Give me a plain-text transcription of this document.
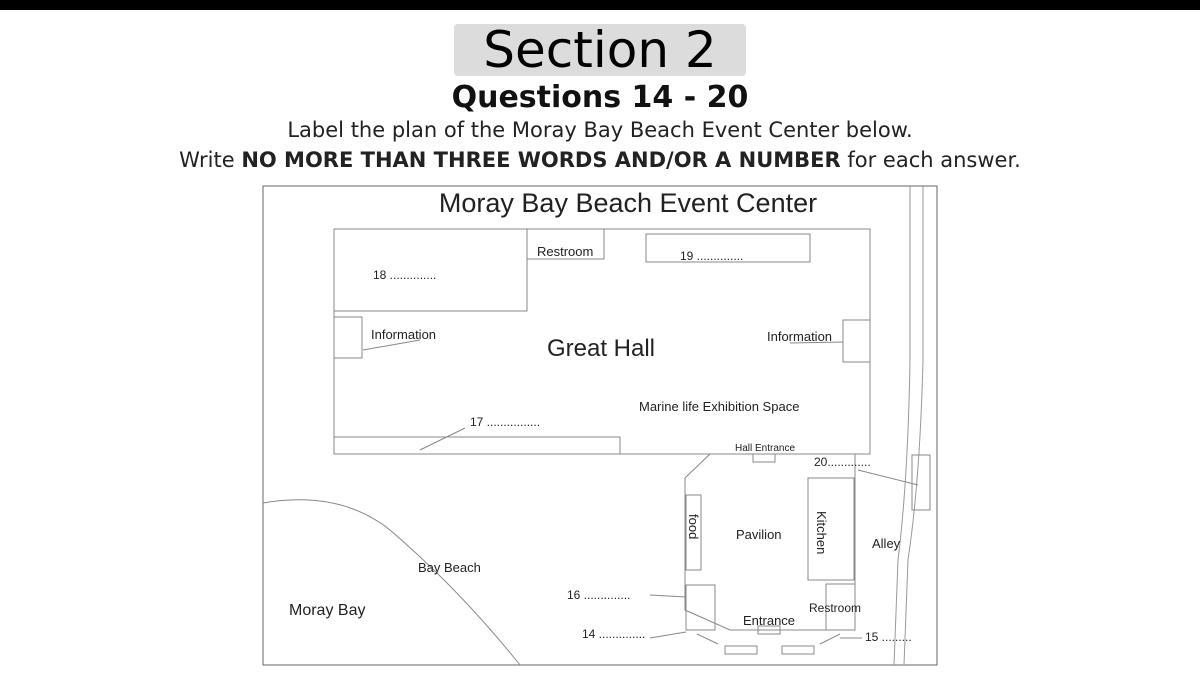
Section 2
Questions 14 - 20
Label the plan of the Moray Bay Beach Event Center below.
Write NO MORE THAN THREE WORDS AND/OR A NUMBER for each answer.
Moray Bay Beach Event Center
Restroom	19 ..............
18 ..............
Information
Great Hall	Information
Marine life Exhibition Space
17 ................
Hall Entrance
20.............
food	Pavilion Kitchen	Alley
Bay Beach
16 ..............
Moray Bay	Restroom
Entrance
14 ..............	15 .........
